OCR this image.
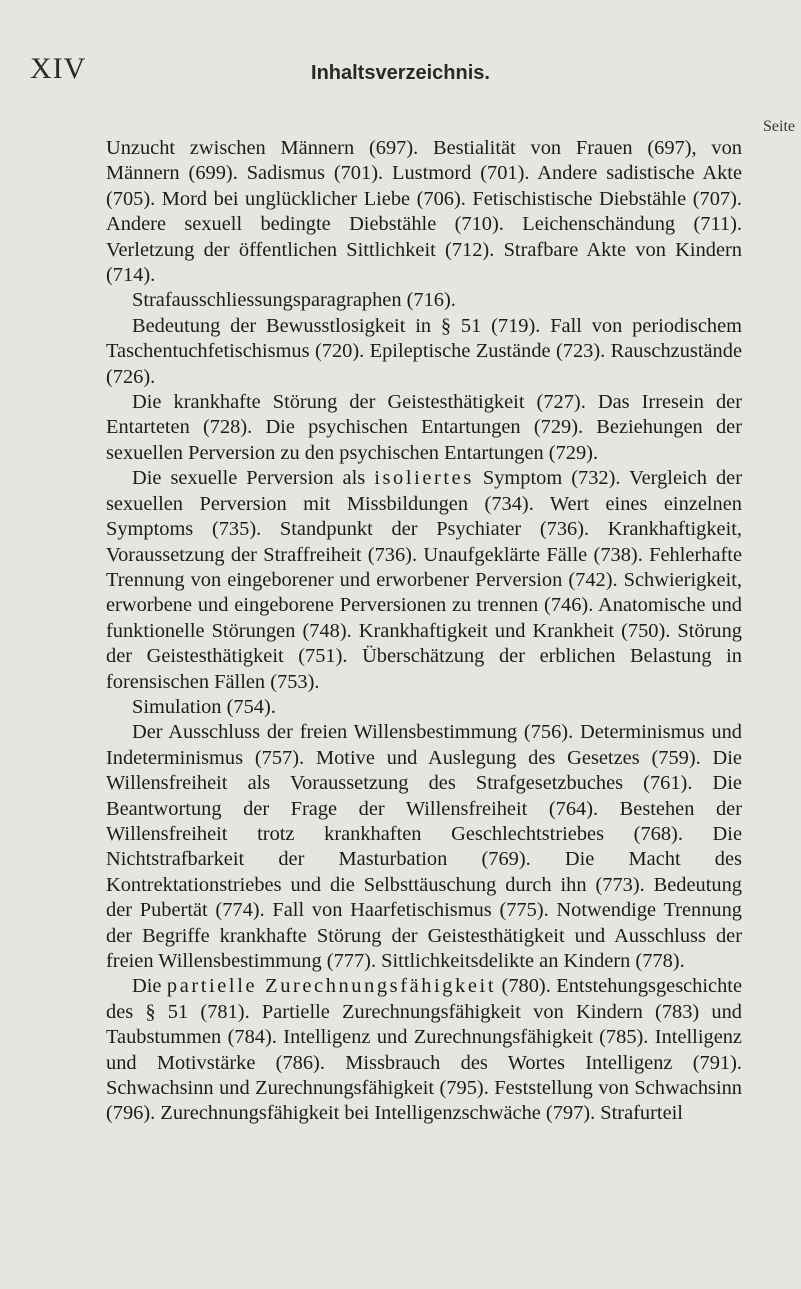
XIV	Inhaltsverzeichnis.
Seite

Unzucht zwischen Männern (697). Bestialität von Frauen (697), von Männern (699). Sadismus (701). Lustmord (701). Andere sadistische Akte (705). Mord bei unglücklicher Liebe (706). Fetischistische Diebstähle (707). Andere sexuell bedingte Diebstähle (710). Leichenschändung (711). Verletzung der öffentlichen Sittlichkeit (712). Strafbare Akte von Kindern (714).

Strafausschliessungsparagraphen (716).

Bedeutung der Bewusstlosigkeit in § 51 (719). Fall von periodischem Taschentuchfetischismus (720). Epileptische Zustände (723). Rauschzustände (726).

Die krankhafte Störung der Geistesthätigkeit (727). Das Irresein der Entarteten (728). Die psychischen Entartungen (729). Beziehungen der sexuellen Perversion zu den psychischen Entartungen (729).

Die sexuelle Perversion als isoliertes Symptom (732). Vergleich der sexuellen Perversion mit Missbildungen (734). Wert eines einzelnen Symptoms (735). Standpunkt der Psychiater (736). Krankhaftigkeit, Voraussetzung der Straffreiheit (736). Unaufgeklärte Fälle (738). Fehlerhafte Trennung von eingeborener und erworbener Perversion (742). Schwierigkeit, erworbene und eingeborene Perversionen zu trennen (746). Anatomische und funktionelle Störungen (748). Krankhaftigkeit und Krankheit (750). Störung der Geistesthätigkeit (751). Überschätzung der erblichen Belastung in forensischen Fällen (753).

Simulation (754).

Der Ausschluss der freien Willensbestimmung (756). Determinismus und Indeterminismus (757). Motive und Auslegung des Gesetzes (759). Die Willensfreiheit als Voraussetzung des Strafgesetzbuches (761). Die Beantwortung der Frage der Willensfreiheit (764). Bestehen der Willensfreiheit trotz krankhaften Geschlechtstriebes (768). Die Nichtstrafbarkeit der Masturbation (769). Die Macht des Kontrektationstriebes und die Selbsttäuschung durch ihn (773). Bedeutung der Pubertät (774). Fall von Haarfetischismus (775). Notwendige Trennung der Begriffe krankhafte Störung der Geistesthätigkeit und Ausschluss der freien Willensbestimmung (777). Sittlichkeitsdelikte an Kindern (778).

Die partielle Zurechnungsfähigkeit (780). Entstehungsgeschichte des § 51 (781). Partielle Zurechnungsfähigkeit von Kindern (783) und Taubstummen (784). Intelligenz und Zurechnungsfähigkeit (785). Intelligenz und Motivstärke (786). Missbrauch des Wortes Intelligenz (791). Schwachsinn und Zurechnungsfähigkeit (795). Feststellung von Schwachsinn (796). Zurechnungsfähigkeit bei Intelligenzschwäche (797). Strafurteil
